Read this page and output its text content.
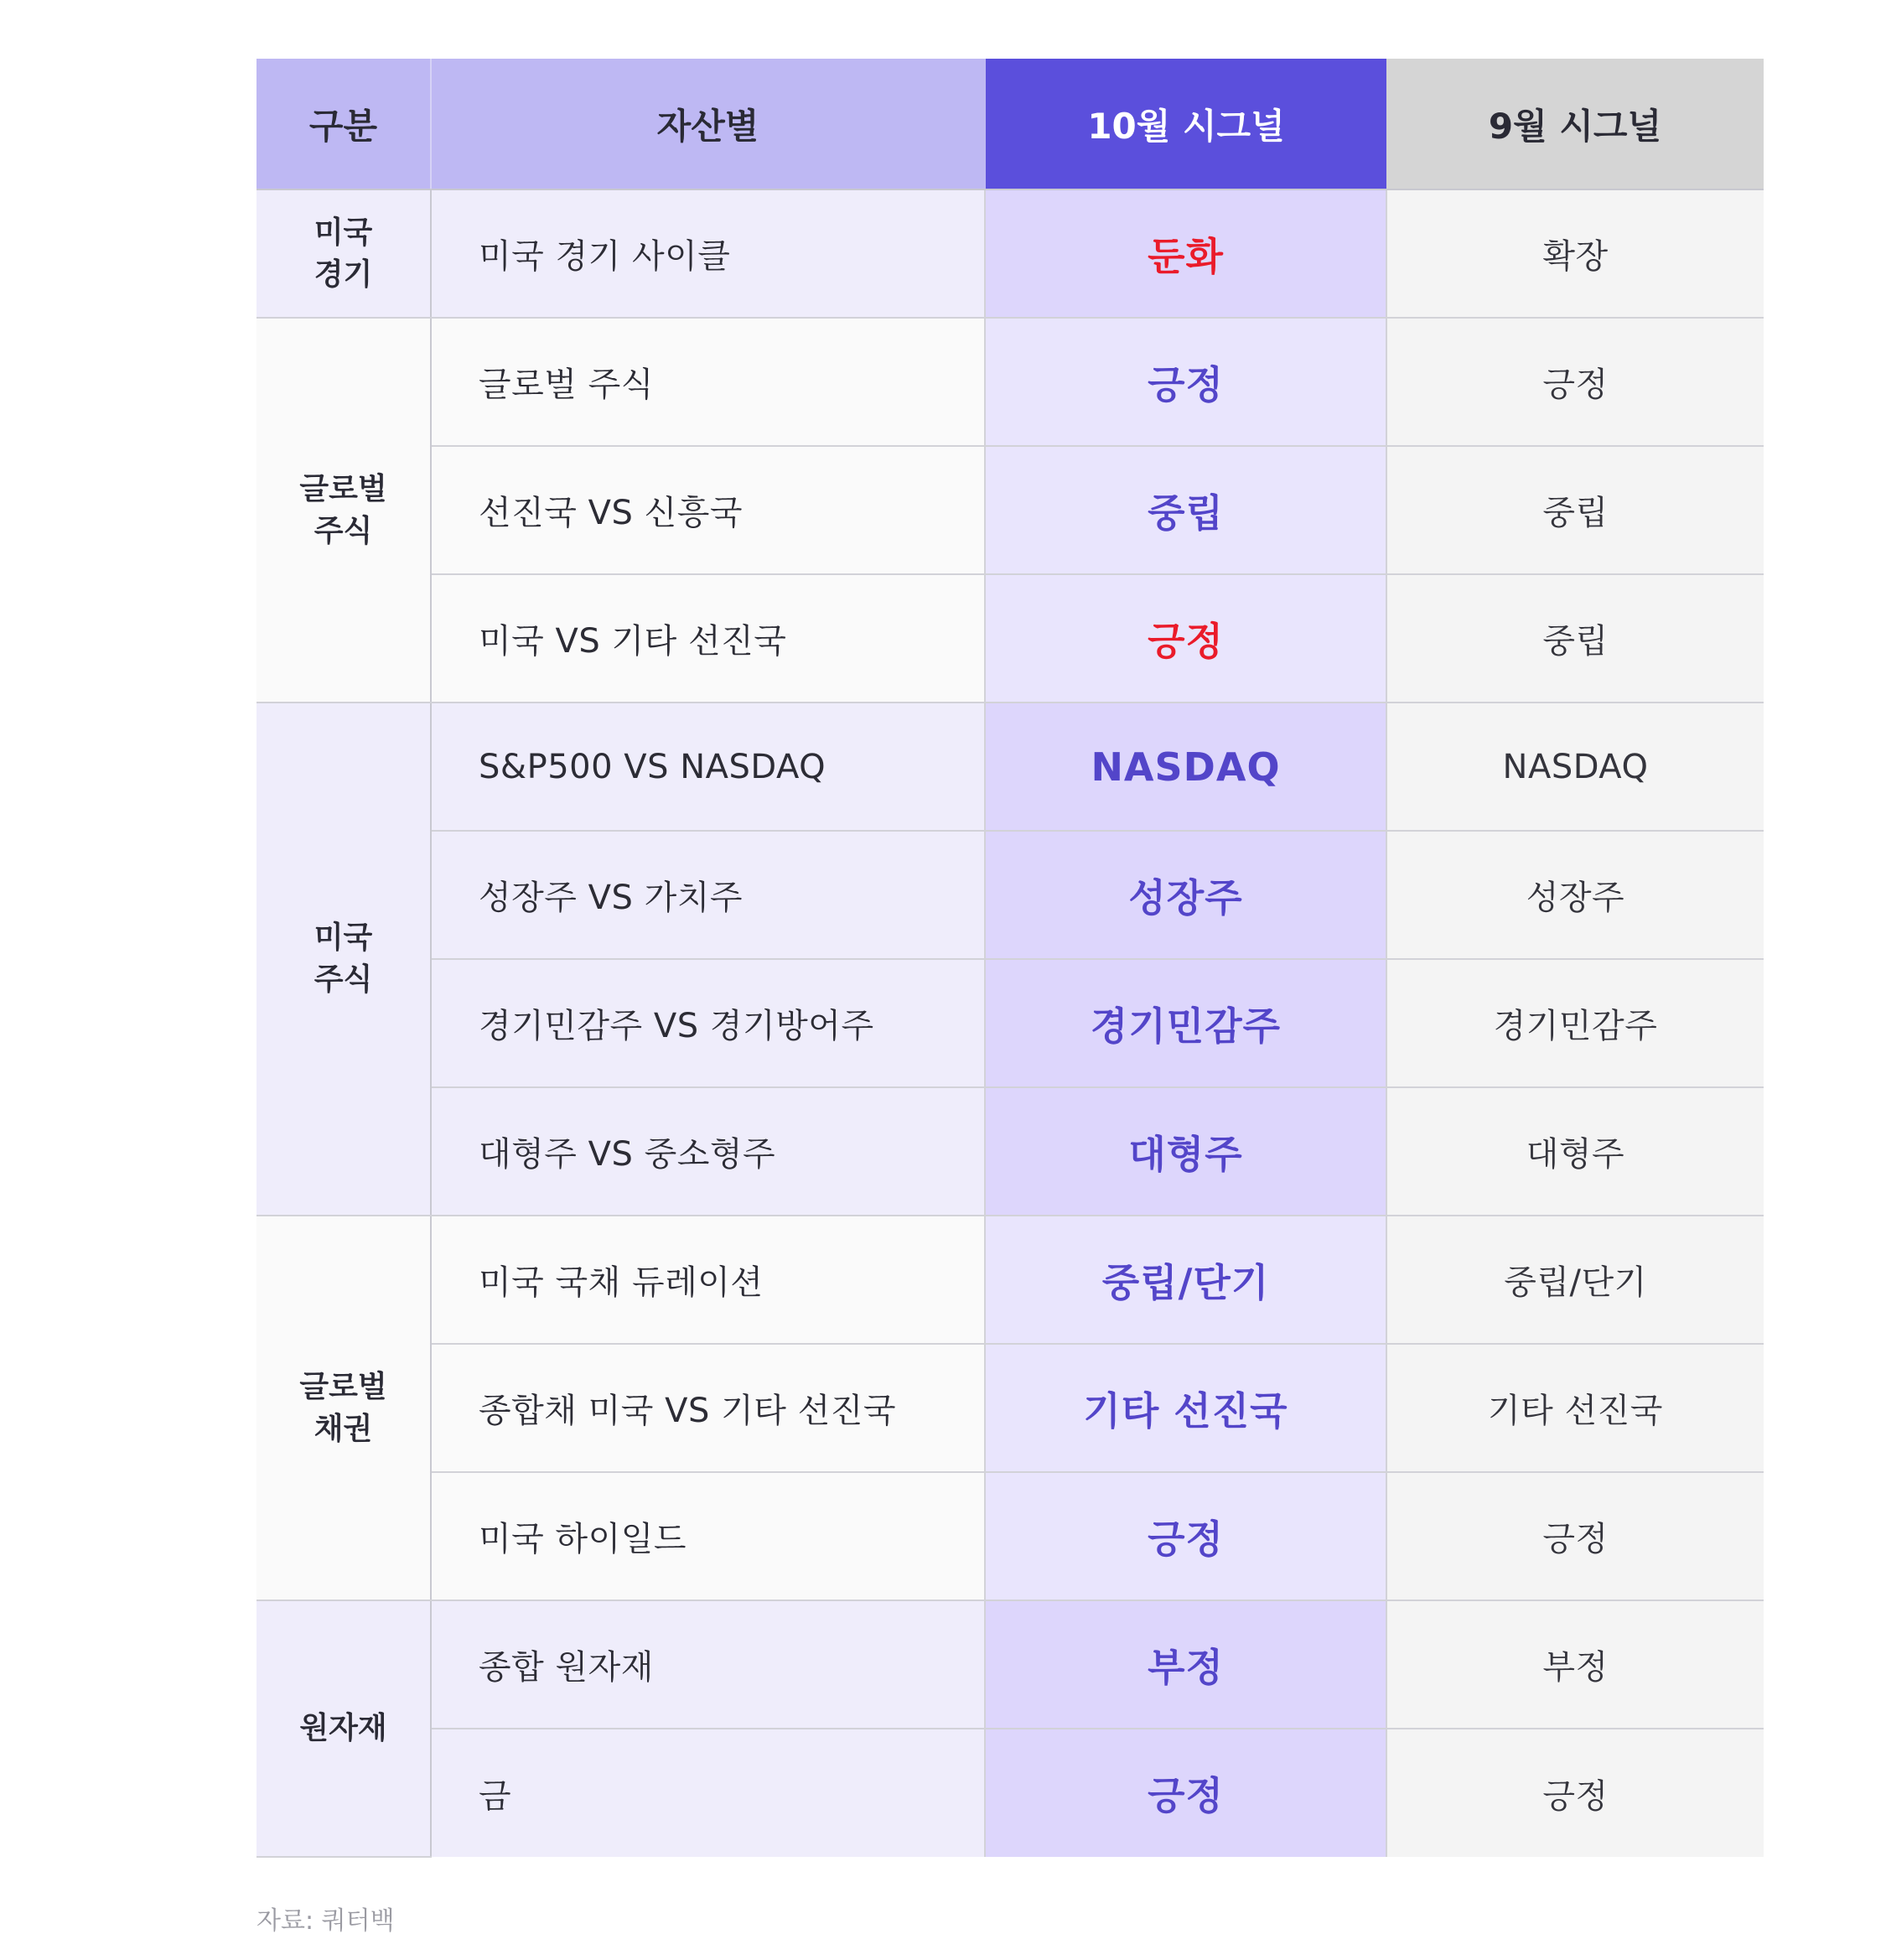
구분	자산별	10월 시그널	9월 시그널

미국
경기	미국 경기 사이클	둔화	확장

글로벌
주식	글로벌 주식	긍정	긍정
	선진국 VS 신흥국	중립	중립
	미국 VS 기타 선진국	긍정	중립

미국
주식	S&P500 VS NASDAQ	NASDAQ	NASDAQ
	성장주 VS 가치주	성장주	성장주
	경기민감주 VS 경기방어주	경기민감주	경기민감주
	대형주 VS 중소형주	대형주	대형주

글로벌
채권	미국 국채 듀레이션	중립/단기	중립/단기
	종합채 미국 VS 기타 선진국	기타 선진국	기타 선진국
	미국 하이일드	긍정	긍정

원자재	종합 원자재	부정	부정
	금	긍정	긍정
자료: 쿼터백
